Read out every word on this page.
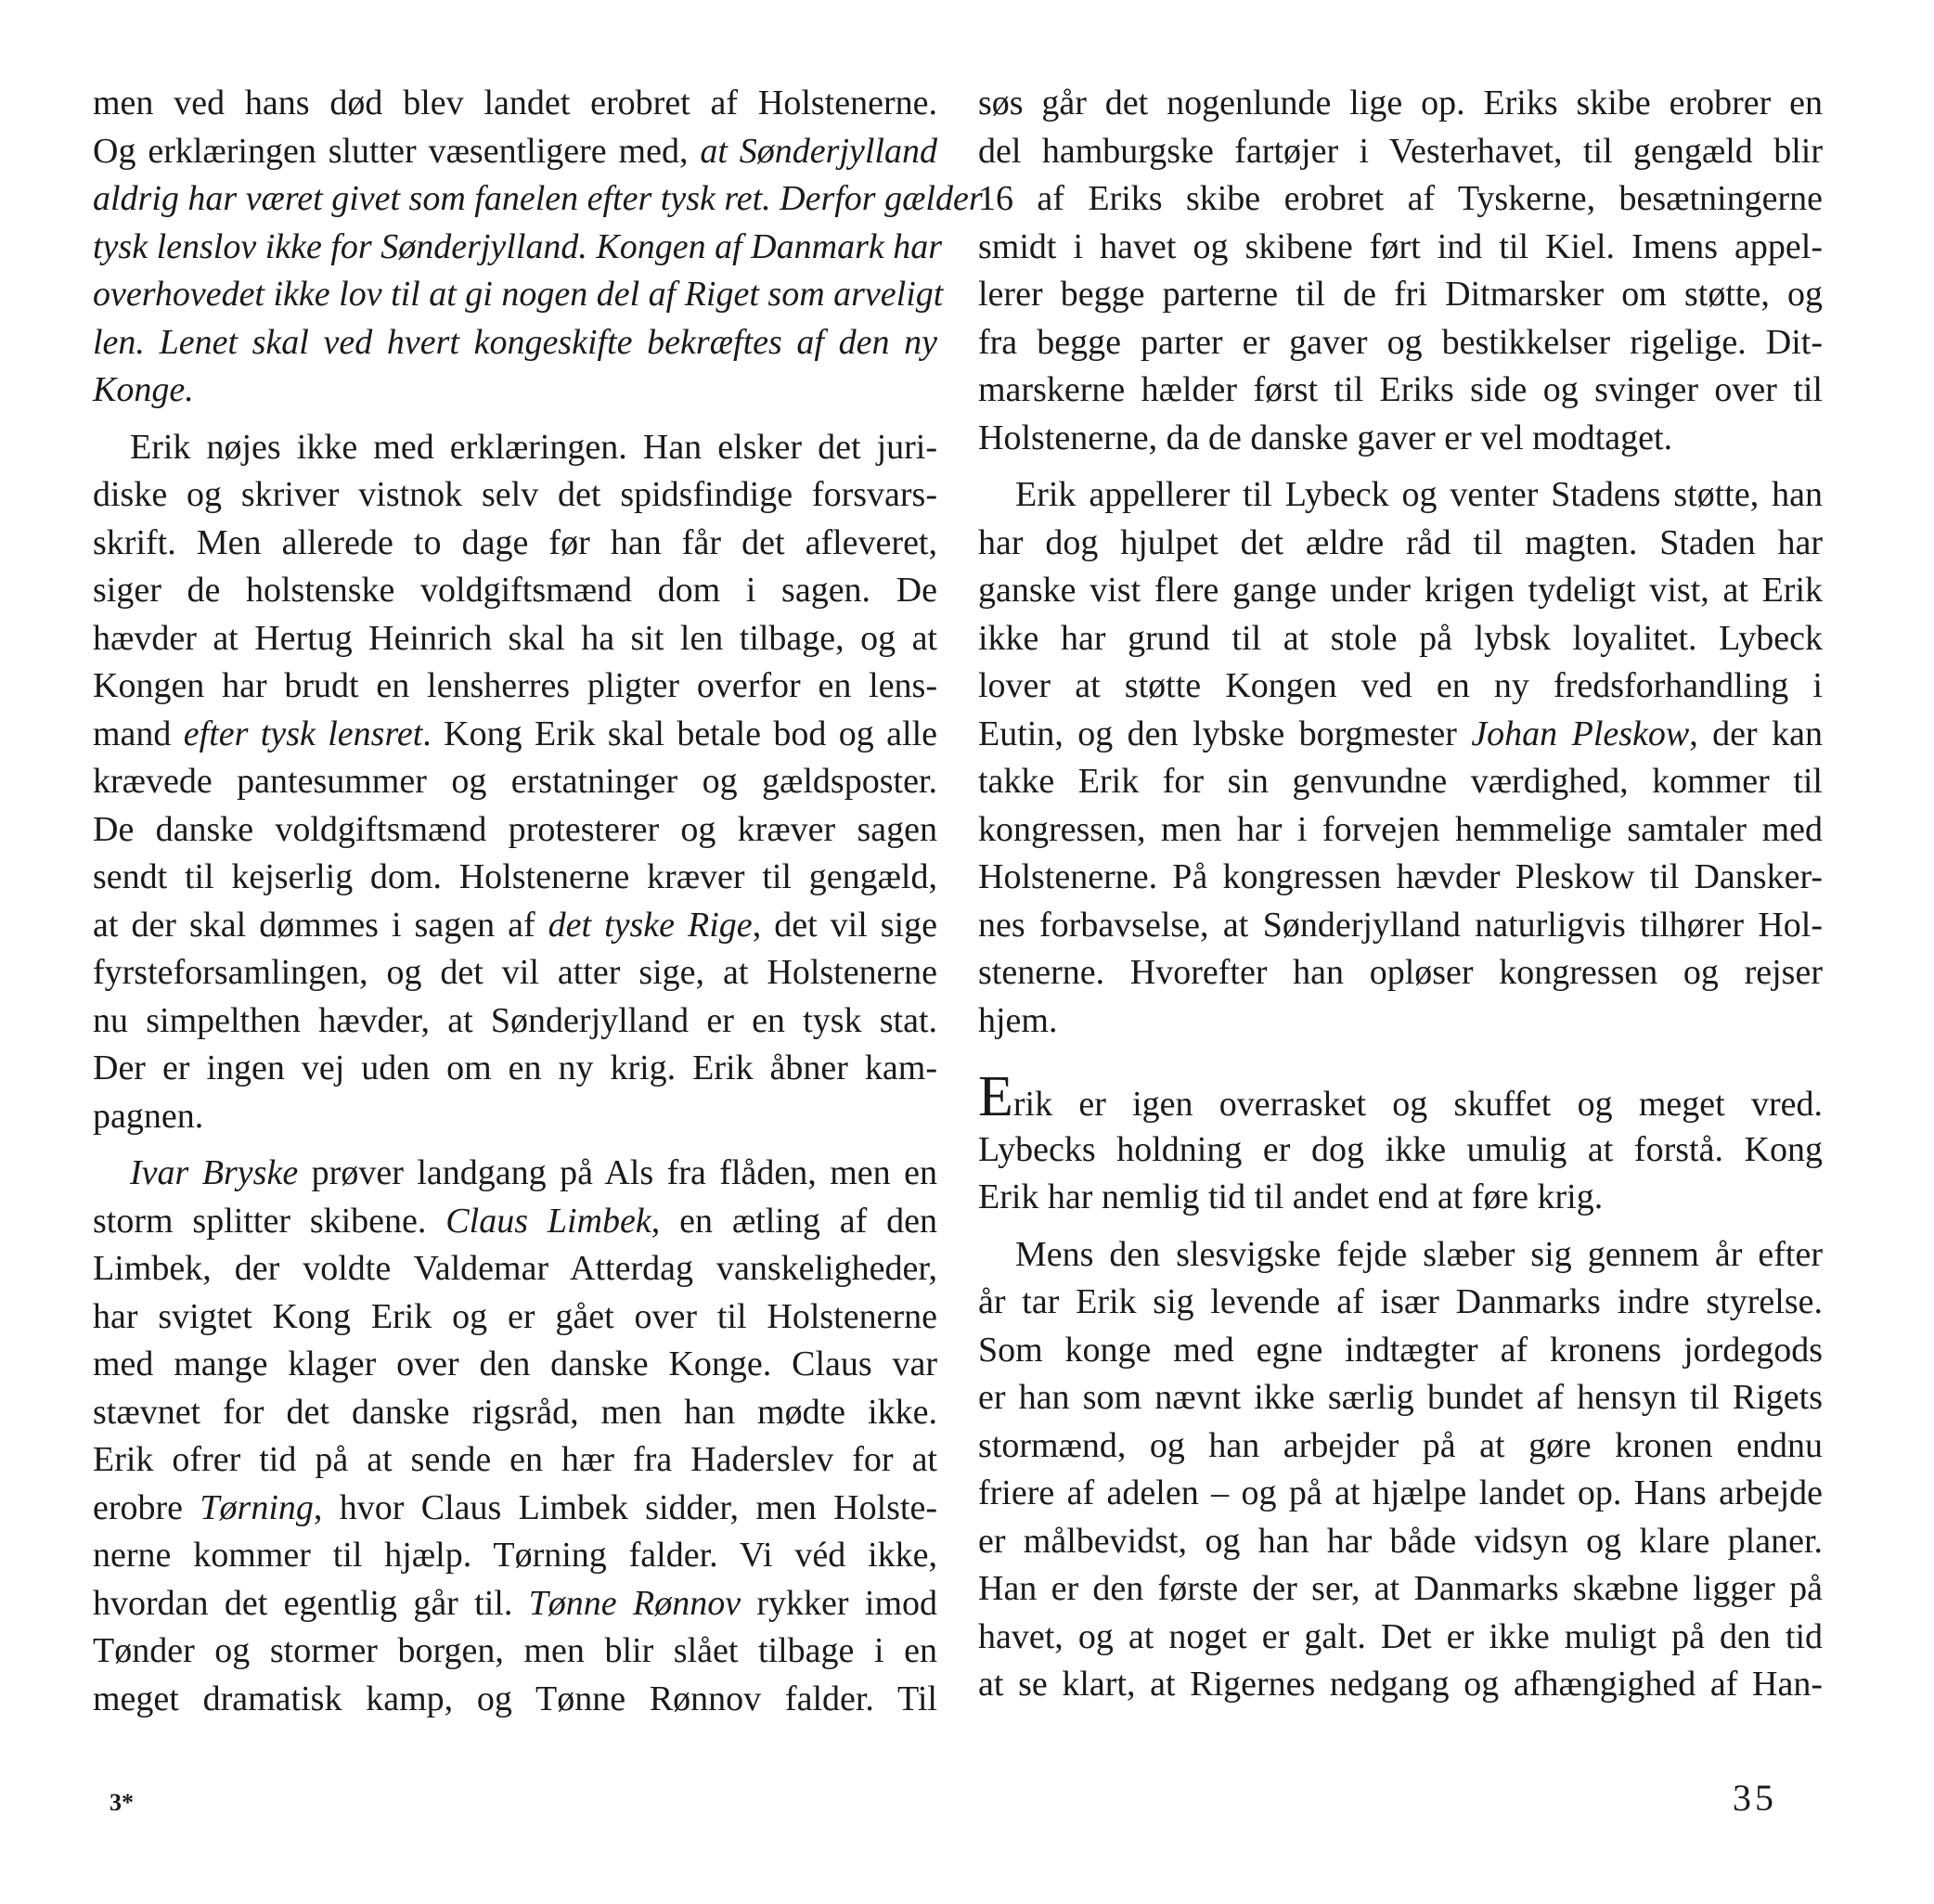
men ved hans død blev landet erobret af Holstenerne.
Og erklæringen slutter væsentligere med, at Sønderjylland
aldrig har været givet som fanelen efter tysk ret. Derfor gælder
tysk lenslov ikke for Sønderjylland. Kongen af Danmark har
overhovedet ikke lov til at gi nogen del af Riget som arveligt
len. Lenet skal ved hvert kongeskifte bekræftes af den ny
Konge.
Erik nøjes ikke med erklæringen. Han elsker det juri-
diske og skriver vistnok selv det spidsfindige forsvars-
skrift. Men allerede to dage før han får det afleveret,
siger de holstenske voldgiftsmænd dom i sagen. De
hævder at Hertug Heinrich skal ha sit len tilbage, og at
Kongen har brudt en lensherres pligter overfor en lens-
mand efter tysk lensret. Kong Erik skal betale bod og alle
krævede pantesummer og erstatninger og gældsposter.
De danske voldgiftsmænd protesterer og kræver sagen
sendt til kejserlig dom. Holstenerne kræver til gengæld,
at der skal dømmes i sagen af det tyske Rige, det vil sige
fyrsteforsamlingen, og det vil atter sige, at Holstenerne
nu simpelthen hævder, at Sønderjylland er en tysk stat.
Der er ingen vej uden om en ny krig. Erik åbner kam-
pagnen.
Ivar Bryske prøver landgang på Als fra flåden, men en
storm splitter skibene. Claus Limbek, en ætling af den
Limbek, der voldte Valdemar Atterdag vanskeligheder,
har svigtet Kong Erik og er gået over til Holstenerne
med mange klager over den danske Konge. Claus var
stævnet for det danske rigsråd, men han mødte ikke.
Erik ofrer tid på at sende en hær fra Haderslev for at
erobre Tørning, hvor Claus Limbek sidder, men Holste-
nerne kommer til hjælp. Tørning falder. Vi véd ikke,
hvordan det egentlig går til. Tønne Rønnov rykker imod
Tønder og stormer borgen, men blir slået tilbage i en
meget dramatisk kamp, og Tønne Rønnov falder. Til
søs går det nogenlunde lige op. Eriks skibe erobrer en
del hamburgske fartøjer i Vesterhavet, til gengæld blir
16 af Eriks skibe erobret af Tyskerne, besætningerne
smidt i havet og skibene ført ind til Kiel. Imens appel-
lerer begge parterne til de fri Ditmarsker om støtte, og
fra begge parter er gaver og bestikkelser rigelige. Dit-
marskerne hælder først til Eriks side og svinger over til
Holstenerne, da de danske gaver er vel modtaget.
Erik appellerer til Lybeck og venter Stadens støtte, han
har dog hjulpet det ældre råd til magten. Staden har
ganske vist flere gange under krigen tydeligt vist, at Erik
ikke har grund til at stole på lybsk loyalitet. Lybeck
lover at støtte Kongen ved en ny fredsforhandling i
Eutin, og den lybske borgmester Johan Pleskow, der kan
takke Erik for sin genvundne værdighed, kommer til
kongressen, men har i forvejen hemmelige samtaler med
Holstenerne. På kongressen hævder Pleskow til Dansker-
nes forbavselse, at Sønderjylland naturligvis tilhører Hol-
stenerne. Hvorefter han opløser kongressen og rejser
hjem.
Erik er igen overrasket og skuffet og meget vred.
Lybecks holdning er dog ikke umulig at forstå. Kong
Erik har nemlig tid til andet end at føre krig.
Mens den slesvigske fejde slæber sig gennem år efter
år tar Erik sig levende af især Danmarks indre styrelse.
Som konge med egne indtægter af kronens jordegods
er han som nævnt ikke særlig bundet af hensyn til Rigets
stormænd, og han arbejder på at gøre kronen endnu
friere af adelen – og på at hjælpe landet op. Hans arbejde
er målbevidst, og han har både vidsyn og klare planer.
Han er den første der ser, at Danmarks skæbne ligger på
havet, og at noget er galt. Det er ikke muligt på den tid
at se klart, at Rigernes nedgang og afhængighed af Han-
3*	35
